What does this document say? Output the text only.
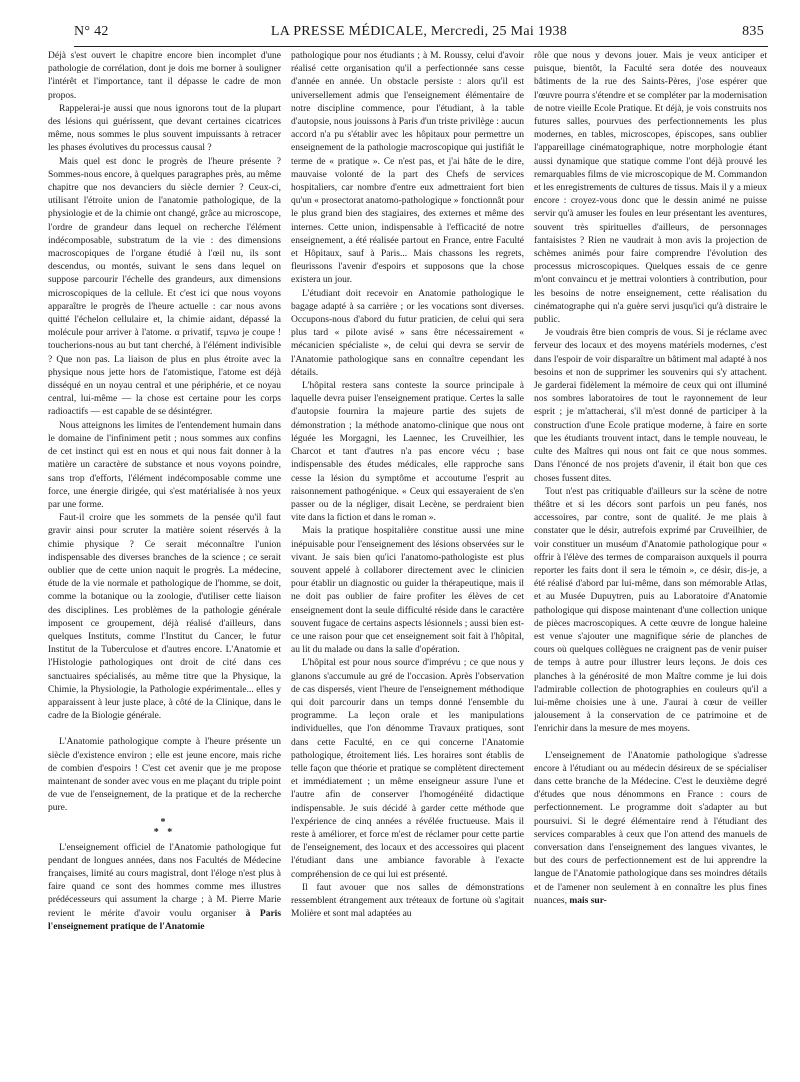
N° 42	LA PRESSE MÉDICALE, Mercredi, 25 Mai 1938	835

Déjà s'est ouvert le chapitre encore bien incomplet d'une pathologie de corrélation, dont je dois me borner à souligner l'intérêt et l'importance, tant il dépasse le cadre de mon propos.

Rappelerai-je aussi que nous ignorons tout de la plupart des lésions qui guérissent, que devant certaines cicatrices même, nous sommes le plus souvent impuissants à retracer les phases évolutives du processus causal ?

Mais quel est donc le progrès de l'heure présente ? Sommes-nous encore, à quelques paragraphes près, au même chapitre que nos devanciers du siècle dernier ? Ceux-ci, utilisant l'étroite union de l'anatomie pathologique, de la physiologie et de la chimie ont changé, grâce au microscope, l'ordre de grandeur dans lequel on recherche l'élément indécomposable, substratum de la vie : des dimensions macroscopiques de l'organe étudié à l'œil nu, ils sont descendus, ou montés, suivant le sens dans lequel on suppose parcourir l'échelle des grandeurs, aux dimensions microscopiques de la cellule. Et c'est ici que nous voyons apparaître le progrès de l'heure actuelle : car nous avons quitté l'échelon cellulaire et, la chimie aidant, dépassé la molécule pour arriver à l'atome. α privatif, τεμνω je coupe ! toucherions-nous au but tant cherché, à l'élément indivisible ? Que non pas. La liaison de plus en plus étroite avec la physique nous jette hors de l'atomistique, l'atome est déjà disséqué en un noyau central et une périphérie, et ce noyau central, lui-même — la chose est certaine pour les corps radioactifs — est capable de se désintégrer.

Nous atteignons les limites de l'entendement humain dans le domaine de l'infiniment petit ; nous sommes aux confins de cet instinct qui est en nous et qui nous fait donner à la matière un caractère de substance et nous voyons poindre, sans trop d'efforts, l'élément indécomposable comme une force, une énergie dirigée, qui s'est matérialisée à nos yeux par une forme.

Faut-il croire que les sommets de la pensée qu'il faut gravir ainsi pour scruter la matière soient réservés à la chimie physique ? Ce serait méconnaître l'union indispensable des diverses branches de la science ; ce serait oublier que de cette union naquit le progrès. La médecine, étude de la vie normale et pathologique de l'homme, se doit, comme la botanique ou la zoologie, d'utiliser cette liaison des disciplines. Les problèmes de la pathologie générale imposent ce groupement, déjà réalisé d'ailleurs, dans quelques Instituts, comme l'Institut du Cancer, le futur Institut de la Tuberculose et d'autres encore. L'Anatomie et l'Histologie pathologiques ont droit de cité dans ces sanctuaires spécialisés, au même titre que la Physique, la Chimie, la Physiologie, la Pathologie expérimentale... elles y apparaissent à leur juste place, à côté de la Clinique, dans le cadre de la Biologie générale.

L'Anatomie pathologique compte à l'heure présente un siècle d'existence environ ; elle est jeune encore, mais riche de combien d'espoirs ! C'est cet avenir que je me propose maintenant de sonder avec vous en me plaçant du triple point de vue de l'enseignement, de la pratique et de la recherche pure.

*
* *

L'enseignement officiel de l'Anatomie pathologique fut pendant de longues années, dans nos Facultés de Médecine françaises, limité au cours magistral, dont l'éloge n'est plus à faire quand ce sont des hommes comme mes illustres prédécesseurs qui assument la charge ; à M. Pierre Marie revient le mérite d'avoir voulu organiser à Paris l'enseignement pratique de l'Anatomie

pathologique pour nos étudiants ; à M. Roussy, celui d'avoir réalisé cette organisation qu'il a perfectionnée sans cesse d'année en année. Un obstacle persiste : alors qu'il est universellement admis que l'enseignement élémentaire de notre discipline commence, pour l'étudiant, à la table d'autopsie, nous jouissons à Paris d'un triste privilège : aucun accord n'a pu s'établir avec les hôpitaux pour permettre un enseignement de la pathologie macroscopique qui justifiât le terme de « pratique ». Ce n'est pas, et j'ai hâte de le dire, mauvaise volonté de la part des Chefs de services hospitaliers, car nombre d'entre eux admettraient fort bien qu'un « prosectorat anatomo-pathologique » fonctionnât pour le plus grand bien des stagiaires, des externes et même des internes. Cette union, indispensable à l'efficacité de notre enseignement, a été réalisée partout en France, entre Faculté et Hôpitaux, sauf à Paris... Mais chassons les regrets, fleurissons l'avenir d'espoirs et supposons que la chose existera un jour.

L'étudiant doit recevoir en Anatomie pathologique le bagage adapté à sa carrière ; or les vocations sont diverses. Occupons-nous d'abord du futur praticien, de celui qui sera plus tard « pilote avisé » sans être nécessairement « mécanicien spécialiste », de celui qui devra se servir de l'Anatomie pathologique sans en connaître cependant les détails.

L'hôpital restera sans conteste la source principale à laquelle devra puiser l'enseignement pratique. Certes la salle d'autopsie fournira la majeure partie des sujets de démonstration ; la méthode anatomo-clinique que nous ont léguée les Morgagni, les Laennec, les Cruveilhier, les Charcot et tant d'autres n'a pas encore vécu ; base indispensable des études médicales, elle rapproche sans cesse la lésion du symptôme et accoutume l'esprit au raisonnement pathogénique. « Ceux qui essayeraient de s'en passer ou de la négliger, disait Lecène, se perdraient bien vite dans la fiction et dans le roman ».

Mais la pratique hospitalière constitue aussi une mine inépuisable pour l'enseignement des lésions observées sur le vivant. Je sais bien qu'ici l'anatomo-pathologiste est plus souvent appelé à collaborer directement avec le clinicien pour établir un diagnostic ou guider la thérapeutique, mais il ne doit pas oublier de faire profiter les élèves de cet enseignement dont la seule difficulté réside dans le caractère souvent fugace de certains aspects lésionnels ; aussi bien est-ce une raison pour que cet enseignement soit fait à l'hôpital, au lit du malade ou dans la salle d'opération.

L'hôpital est pour nous source d'imprévu ; ce que nous y glanons s'accumule au gré de l'occasion. Après l'observation de cas dispersés, vient l'heure de l'enseignement méthodique qui doit parcourir dans un temps donné l'ensemble du programme. La leçon orale et les manipulations individuelles, que l'on dénomme Travaux pratiques, sont dans cette Faculté, en ce qui concerne l'Anatomie pathologique, étroitement liés. Les horaires sont établis de telle façon que théorie et pratique se complètent directement et immédiatement ; un même enseigneur assure l'une et l'autre afin de conserver l'homogénéité didactique indispensable. Je suis décidé à garder cette méthode que l'expérience de cinq années a révélée fructueuse. Mais il reste à améliorer, et force m'est de réclamer pour cette partie de l'enseignement, des locaux et des accessoires qui placent l'étudiant dans une ambiance favorable à l'exacte compréhension de ce qui lui est présenté.

Il faut avouer que nos salles de démonstrations ressemblent étrangement aux tréteaux de fortune où s'agitait Molière et sont mal adaptées au

rôle que nous y devons jouer. Mais je veux anticiper et puisque, bientôt, la Faculté sera dotée des nouveaux bâtiments de la rue des Saints-Pères, j'ose espérer que l'œuvre pourra s'étendre et se compléter par la modernisation de notre vieille Ecole Pratique. Et déjà, je vois construits nos futures salles, pourvues des perfectionnements les plus modernes, en tables, microscopes, épiscopes, sans oublier l'appareillage cinématographique, notre morphologie étant aussi dynamique que statique comme l'ont déjà prouvé les remarquables films de vie microscopique de M. Commandon et les enregistrements de cultures de tissus. Mais il y a mieux encore : croyez-vous donc que le dessin animé ne puisse servir qu'à amuser les foules en leur présentant les aventures, souvent très spirituelles d'ailleurs, de personnages fantaisistes ? Rien ne vaudrait à mon avis la projection de schèmes animés pour faire comprendre l'évolution des processus microscopiques. Quelques essais de ce genre m'ont convaincu et je mettrai volontiers à contribution, pour les besoins de notre enseignement, cette réalisation du cinématographe qui n'a guère servi jusqu'ici qu'à distraire le public.

Je voudrais être bien compris de vous. Si je réclame avec ferveur des locaux et des moyens matériels modernes, c'est dans l'espoir de voir disparaître un bâtiment mal adapté à nos besoins et non de supprimer les souvenirs qui s'y attachent. Je garderai fidèlement la mémoire de ceux qui ont illuminé nos sombres laboratoires de tout le rayonnement de leur esprit ; je m'attacherai, s'il m'est donné de participer à la construction d'une Ecole pratique moderne, à faire en sorte que les étudiants trouvent intact, dans le temple nouveau, le culte des Maîtres qui nous ont fait ce que nous sommes. Dans l'énoncé de nos projets d'avenir, il était bon que ces choses fussent dites.

Tout n'est pas critiquable d'ailleurs sur la scène de notre théâtre et si les décors sont parfois un peu fanés, nos accessoires, par contre, sont de qualité. Je me plais à constater que le désir, autrefois exprimé par Cruveilhier, de voir constituer un muséum d'Anatomie pathologique pour « offrir à l'élève des termes de comparaison auxquels il pourra reporter les faits dont il sera le témoin », ce désir, dis-je, a été réalisé d'abord par lui-même, dans son mémorable Atlas, et au Musée Dupuytren, puis au Laboratoire d'Anatomie pathologique qui dispose maintenant d'une collection unique de pièces macroscopiques. A cette œuvre de longue haleine est venue s'ajouter une magnifique série de planches de cours où quelques collègues ne craignent pas de venir puiser de temps à autre pour illustrer leurs leçons. Je dois ces planches à la générosité de mon Maître comme je lui dois l'admirable collection de photographies en couleurs qu'il a lui-même choisies une à une. J'aurai à cœur de veiller jalousement à la conservation de ce patrimoine et de l'enrichir dans la mesure de mes moyens.

L'enseignement de l'Anatomie pathologique s'adresse encore à l'étudiant ou au médecin désireux de se spécialiser dans cette branche de la Médecine. C'est le deuxième degré d'études que nous dénommons en France : cours de perfectionnement. Le programme doit s'adapter au but poursuivi. Si le degré élémentaire rend à l'étudiant des services comparables à ceux que l'on attend des manuels de conversation dans l'enseignement des langues vivantes, le but des cours de perfectionnement est de lui apprendre la langue de l'Anatomie pathologique dans ses moindres détails et de l'amener non seulement à en connaître les plus fines nuances, mais sur-
